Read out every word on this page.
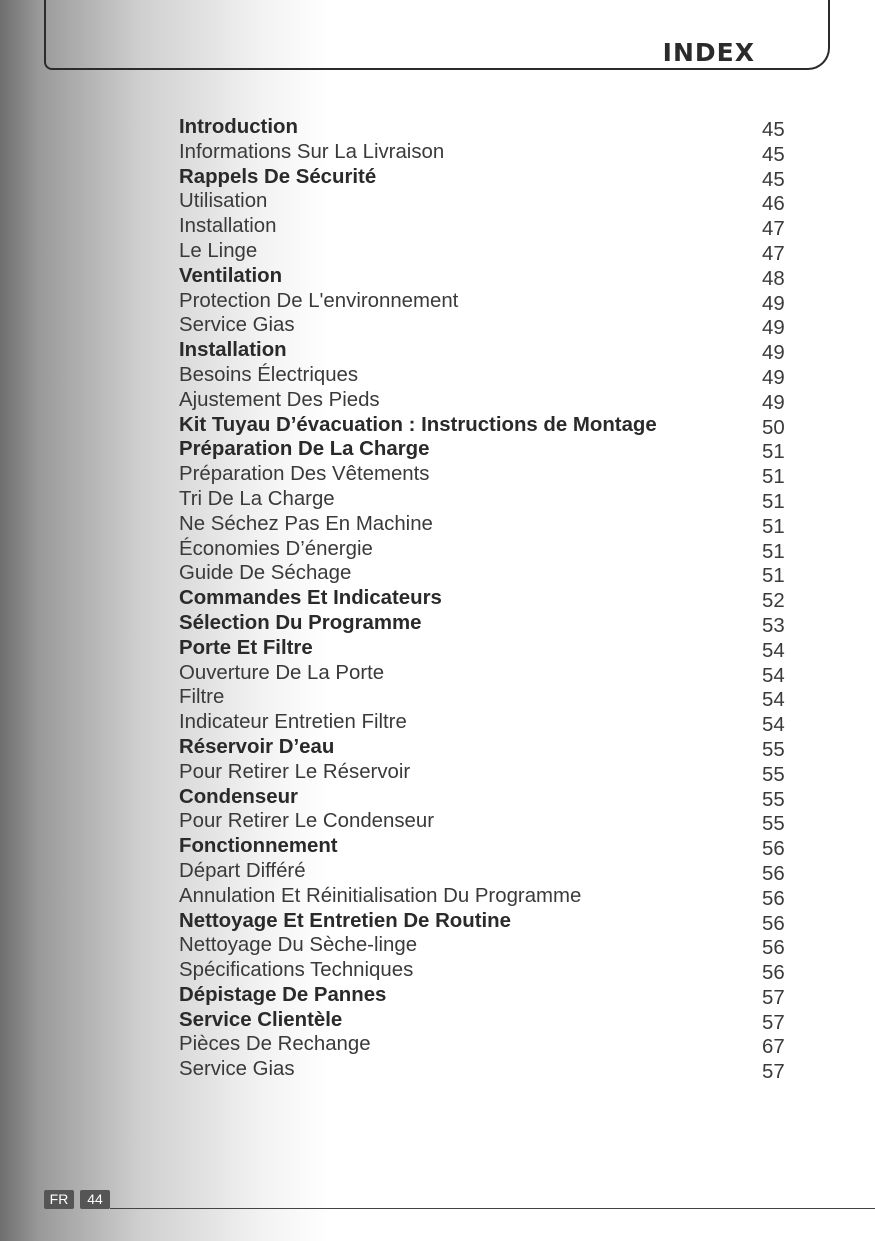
INDEX
Introduction	45
Informations Sur La Livraison	45
Rappels De Sécurité	45
Utilisation	46
Installation	47
Le Linge	47
Ventilation	48
Protection De L'environnement	49
Service Gias	49
Installation	49
Besoins Électriques	49
Ajustement Des Pieds	49
Kit Tuyau D’évacuation : Instructions de Montage	50
Préparation De La Charge	51
Préparation Des Vêtements	51
Tri De La Charge	51
Ne Séchez Pas En Machine	51
Économies D’énergie	51
Guide De Séchage	51
Commandes Et Indicateurs	52
Sélection Du Programme	53
Porte Et Filtre	54
Ouverture De La Porte	54
Filtre	54
Indicateur Entretien Filtre	54
Réservoir D’eau	55
Pour Retirer Le Réservoir	55
Condenseur	55
Pour Retirer Le Condenseur	55
Fonctionnement	56
Départ Différé	56
Annulation Et Réinitialisation Du Programme	56
Nettoyage Et Entretien De Routine	56
Nettoyage Du Sèche-linge	56
Spécifications Techniques	56
Dépistage De Pannes	57
Service Clientèle	57
Pièces De Rechange	67
Service Gias	57
FR	44
